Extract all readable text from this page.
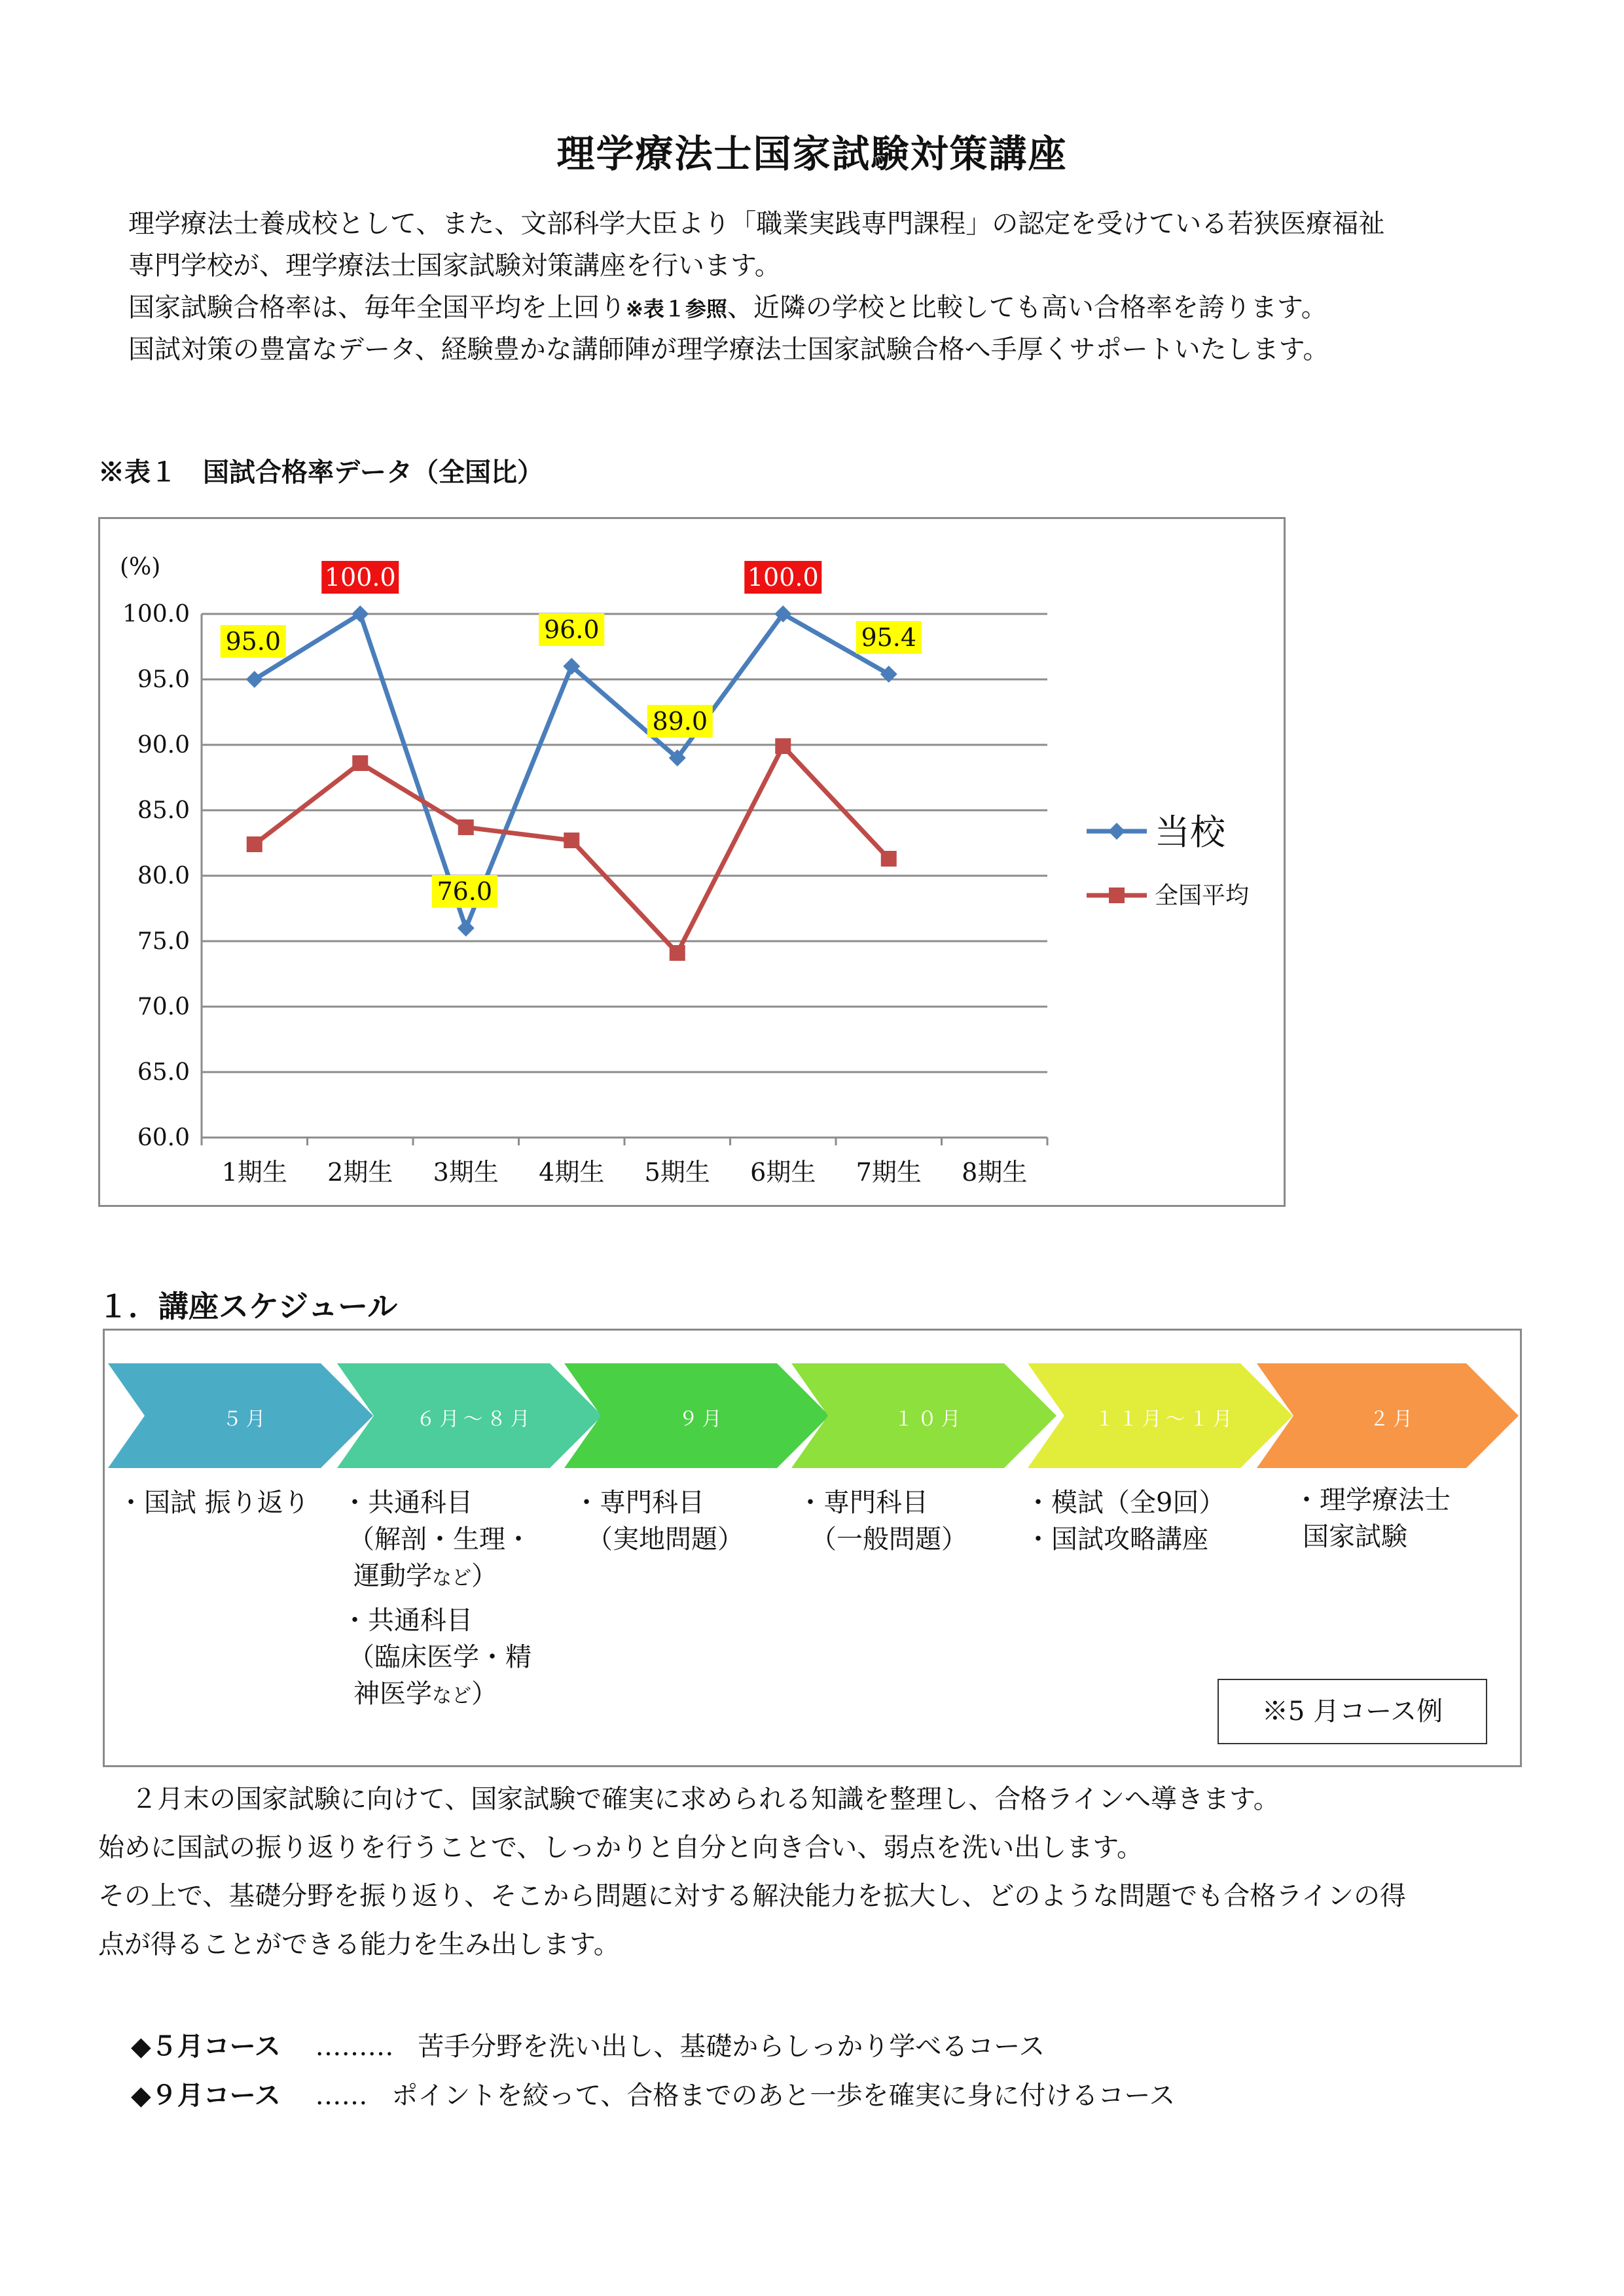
理学療法士国家試験対策講座
理学療法士養成校として、また、文部科学大臣より「職業実践専門課程」の認定を受けている若狭医療福祉
専門学校が、理学療法士国家試験対策講座を行います。
国家試験合格率は、毎年全国平均を上回り※表１参照、近隣の学校と比較しても高い合格率を誇ります。
国試対策の豊富なデータ、経験豊かな講師陣が理学療法士国家試験合格へ手厚くサポートいたします。
※表１　国試合格率データ（全国比）
60.0
65.0
70.0
75.0
80.0
85.0
90.0
95.0
100.0
(%)
1期生 2期生 3期生 4期生 5期生 6期生 7期生 8期生
95.0
100.0
76.0
96.0
89.0
100.0
95.4
当校
全国平均
１．講座スケジュール
５月	６月～８月	９月	１０月	１１月～１月	２月
・国試 振り返り ・共通科目
（解剖・生理・
運動学など）
・共通科目
（臨床医学・精
神医学など）
・専門科目
（実地問題）
・専門科目
（一般問題）
・模試（全9回）
・国試攻略講座
・理学療法士
国家試験
※5 月コース例
２月末の国家試験に向けて、国家試験で確実に求められる知識を整理し、合格ラインへ導きます。
始めに国試の振り返りを行うことで、しっかりと自分と向き合い、弱点を洗い出します。
その上で、基礎分野を振り返り、そこから問題に対する解決能力を拡大し、どのような問題でも合格ラインの得
点が得ることができる能力を生み出します。
◆５月コース ……… 苦手分野を洗い出し、基礎からしっかり学べるコース
◆９月コース …… ポイントを絞って、合格までのあと一歩を確実に身に付けるコース
